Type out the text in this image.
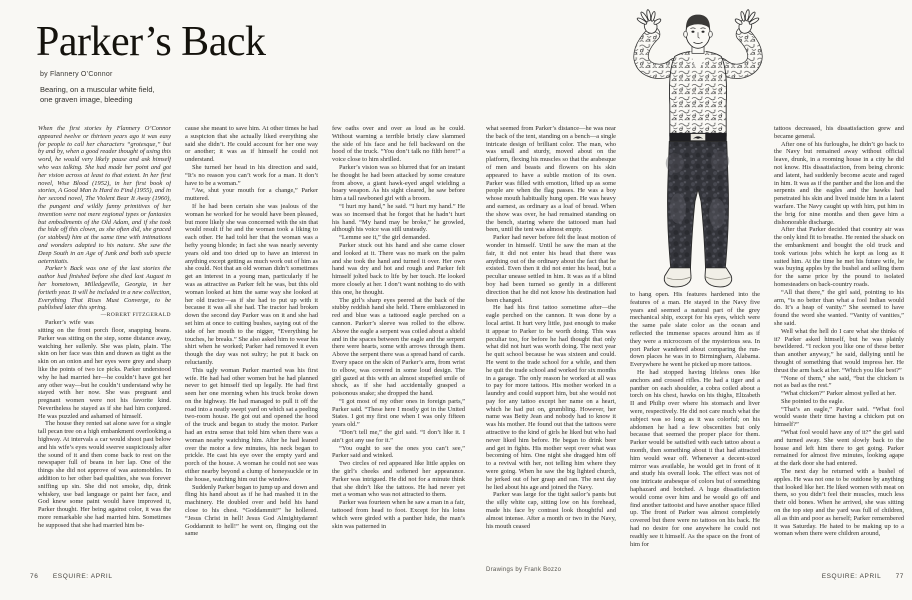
Parker’s Back
by Flannery O’Connor
Bearing, on a muscular white field,
one graven image, bleeding

When the first stories by Flannery O’Connor appeared twelve or thirteen years ago it was easy for people to call her characters “grotesque,” but by and by, when a good reader thought of using this word, he would very likely pause and ask himself who was talking. She had made her point and got her vision across at least to that extent. In her first novel, Wise Blood (1952), in her first book of stories, A Good Man Is Hard to Find (1955), and in her second novel, The Violent Bear It Away (1960), the pungent and wildly funny primitives of her invention were not mere regional types or fantasies but embodiments of the Old Adam, and if she took the hide off this clown, as she often did, she graced (or stabbed) him at the same time with intimations and wonders adapted to his nature. She saw the Deep South in an Age of Junk and both sub specie aeternitatis.

Parker’s Back was one of the last stories the author had finished before she died last August in her hometown, Milledgeville, Georgia, in her fortieth year. It will be included in a new collection, Everything That Rises Must Converge, to be published later this spring.
—ROBERT FITZGERALD

Parker’s wife was sitting on the front porch floor, snapping beans. Parker was sitting on the step, some distance away, watching her sullenly. She was plain, plain. The skin on her face was thin and drawn as tight as the skin on an onion and her eyes were grey and sharp like the points of two ice picks. Parker understood why he had married her—he couldn’t have got her any other way—but he couldn’t understand why he stayed with her now. She was pregnant and pregnant women were not his favorite kind. Nevertheless he stayed as if she had him conjured. He was puzzled and ashamed of himself.

The house they rented sat alone save for a single tall pecan tree on a high embankment overlooking a highway. At intervals a car would shoot past below and his wife’s eyes would swerve suspiciously after the sound of it and then come back to rest on the newspaper full of beans in her lap. One of the things she did not approve of was automobiles. In addition to her other bad qualities, she was forever sniffing up sin. She did not smoke, dip, drink whiskey, use bad language or paint her face, and God knew some paint would have improved it, Parker thought. Her being against color, it was the more remarkable she had married him. Sometimes he supposed that she had married him be-

cause she meant to save him. At other times he had a suspicion that she actually liked everything she said she didn’t. He could account for her one way or another; it was as if himself he could not understand.

She turned her head in his direction and said, “It’s no reason you can’t work for a man. It don’t have to be a woman.”

“Aw, shut your mouth for a change,” Parker muttered.

If he had been certain she was jealous of the woman he worked for he would have been pleased, but more likely she was concerned with the sin that would result if he and the woman took a liking to each other. He had told her that the woman was a hefty young blonde; in fact she was nearly seventy years old and too dried up to have an interest in anything except getting as much work out of him as she could. Not that an old woman didn’t sometimes get an interest in a young man, particularly if he was as attractive as Parker felt he was, but this old woman looked at him the same way she looked at her old tractor—as if she had to put up with it because it was all she had. The tractor had broken down the second day Parker was on it and she had set him at once to cutting bushes, saying out of the side of her mouth to the nigger, “Everything he touches, he breaks.” She also asked him to wear his shirt when he worked; Parker had removed it even though the day was not sultry; he put it back on reluctantly.

This ugly woman Parker married was his first wife. He had had other women but he had planned never to get himself tied up legally. He had first seen her one morning when his truck broke down on the highway. He had managed to pull it off the road into a neatly swept yard on which sat a peeling two-room house. He got out and opened the hood of the truck and began to study the motor. Parker had an extra sense that told him when there was a woman nearby watching him. After he had leaned over the motor a few minutes, his neck began to prickle. He cast his eye over the empty yard and porch of the house. A woman he could not see was either nearby beyond a clump of honeysuckle or in the house, watching him out the window.

Suddenly Parker began to jump up and down and fling his hand about as if he had mashed it in the machinery. He doubled over and held his hand close to his chest. “Goddammit!” he hollered. “Jesus Christ in hell! Jesus God Almightydamn! Goddamnit to hell!” he went on, flinging out the same

few oaths over and over as loud as he could. Without warning a terrible bristly claw slammed the side of his face and he fell backward on the hood of the truck. “You don’t talk no filth here!” a voice close to him shrilled.

Parker’s vision was so blurred that for an instant he thought he had been attacked by some creature from above, a giant hawk-eyed angel wielding a hoary weapon. As his sight cleared, he saw before him a tall rawboned girl with a broom.

“I hurt my hand,” he said. “I hurt my hand.” He was so incensed that he forgot that he hadn’t hurt his hand. “My hand may be broke,” he growled, although his voice was still unsteady.

“Lemme see it,” the girl demanded.

Parker stuck out his hand and she came closer and looked at it. There was no mark on the palm and she took the hand and turned it over. Her own hand was dry and hot and rough and Parker felt himself jolted back to life by her touch. He looked more closely at her. I don’t want nothing to do with this one, he thought.

The girl’s sharp eyes peered at the back of the stubby reddish hand she held. There emblazoned in red and blue was a tattooed eagle perched on a cannon. Parker’s sleeve was rolled to the elbow. Above the eagle a serpent was coiled about a shield and in the spaces between the eagle and the serpent there were hearts, some with arrows through them. Above the serpent there was a spread hand of cards. Every space on the skin of Parker’s arm, from wrist to elbow, was covered in some loud design. The girl gazed at this with an almost stupefied smile of shock, as if she had accidentally grasped a poisonous snake; she dropped the hand.

“I got most of my other ones in foreign parts,” Parker said. “These here I mostly got in the United States. I got my first one when I was only fifteen years old.”

“Don’t tell me,” the girl said. “I don’t like it. I ain’t got any use for it.”

“You ought to see the ones you can’t see,” Parker said and winked.

Two circles of red appeared like little apples on the girl’s cheeks and softened her appearance. Parker was intrigued. He did not for a minute think that she didn’t like the tattoos. He had never yet met a woman who was not attracted to them.

Parker was fourteen when he saw a man in a fair, tattooed from head to foot. Except for his loins which were girded with a panther hide, the man’s skin was patterned in

what seemed from Parker’s distance—he was near the back of the tent, standing on a bench—a single intricate design of brilliant color. The man, who was small and sturdy, moved about on the platform, flexing his muscles so that the arabesque of men and beasts and flowers on his skin appeared to have a subtle motion of its own. Parker was filled with emotion, lifted up as some people are when the flag passes. He was a boy whose mouth habitually hung open. He was heavy and earnest, as ordinary as a loaf of bread. When the show was over, he had remained standing on the bench, staring where the tattooed man had been, until the tent was almost empty.

Parker had never before felt the least motion of wonder in himself. Until he saw the man at the fair, it did not enter his head that there was anything out of the ordinary about the fact that he existed. Even then it did not enter his head, but a peculiar unease settled in him. It was as if a blind boy had been turned so gently in a different direction that he did not know his destination had been changed.

He had his first tattoo sometime after—the eagle perched on the cannon. It was done by a local artist. It hurt very little, just enough to make it appear to Parker to be worth doing. This was peculiar too, for before he had thought that only what did not hurt was worth doing. The next year he quit school because he was sixteen and could. He went to the trade school for a while, and then he quit the trade school and worked for six months in a garage. The only reason he worked at all was to pay for more tattoos. His mother worked in a laundry and could support him, but she would not pay for any tattoo except her name on a heart, which he had put on, grumbling. However, her name was Betty Jean and nobody had to know it was his mother. He found out that the tattoos were attractive to the kind of girls he liked but who had never liked him before. He began to drink beer and get in fights. His mother wept over what was becoming of him. One night she dragged him off to a revival with her, not telling him where they were going. When he saw the big lighted church, he jerked out of her grasp and ran. The next day he lied about his age and joined the Navy.

Parker was large for the tight sailor’s pants but the silly white cap, sitting low on his forehead, made his face by contrast look thoughtful and almost intense. After a month or two in the Navy, his mouth ceased

to hang open. His features hardened into the features of a man. He stayed in the Navy five years and seemed a natural part of the grey mechanical ship, except for his eyes, which were the same pale slate color as the ocean and reflected the immense spaces around him as if they were a microcosm of the mysterious sea. In port Parker wandered about comparing the run-down places he was in to Birmingham, Alabama. Everywhere he went he picked up more tattoos.

He had stopped having lifeless ones like anchors and crossed rifles. He had a tiger and a panther on each shoulder, a cobra coiled about a torch on his chest, hawks on his thighs, Elizabeth II and Philip over where his stomach and liver were, respectively. He did not care much what the subject was so long as it was colorful; on his abdomen he had a few obscenities but only because that seemed the proper place for them. Parker would be satisfied with each tattoo about a month, then something about it that had attracted him would wear off. Whenever a decent-sized mirror was available, he would get in front of it and study his overall look. The effect was not of one intricate arabesque of colors but of something haphazard and botched. A huge dissatisfaction would come over him and he would go off and find another tattooist and have another space filled up. The front of Parker was almost completely covered but there were no tattoos on his back. He had no desire for one anywhere he could not readily see it himself. As the space on the front of him for

tattoos decreased, his dissatisfaction grew and became general.

After one of his furloughs, he didn’t go back to the Navy but remained away without official leave, drunk, in a rooming house in a city he did not know. His dissatisfaction, from being chronic and latent, had suddenly become acute and raged in him. It was as if the panther and the lion and the serpents and the eagles and the hawks had penetrated his skin and lived inside him in a latent warfare. The Navy caught up with him, put him in the brig for nine months and then gave him a dishonorable discharge.

After that Parker decided that country air was the only kind fit to breathe. He rented the shack on the embankment and bought the old truck and took various jobs which he kept as long as it suited him. At the time he met his future wife, he was buying apples by the bushel and selling them for the same price by the pound to isolated homesteaders on back-country roads.

“All that there,” the girl said, pointing to his arm, “is no better than what a fool Indian would do. It’s a heap of vanity.” She seemed to have found the word she wanted. “Vanity of vanities,” she said.

Well what the hell do I care what she thinks of it? Parker asked himself, but he was plainly bewildered. “I reckon you like one of these better than another anyway,” he said, dallying until he thought of something that would impress her. He thrust the arm back at her. “Which you like best?”

“None of them,” she said, “but the chicken is not as bad as the rest.”

“What chicken?” Parker almost yelled at her.

She pointed to the eagle.

“That’s an eagle,” Parker said. “What fool would waste their time having a chicken put on himself?”

“What fool would have any of it?” the girl said and turned away. She went slowly back to the house and left him there to get going. Parker remained for almost five minutes, looking agape at the dark door she had entered.

The next day he returned with a bushel of apples. He was not one to be outdone by anything that looked like her. He liked women with meat on them, so you didn’t feel their muscles, much less their old bones. When he arrived, she was sitting on the top step and the yard was full of children, all as thin and poor as herself; Parker remembered it was Saturday. He hated to be making up to a woman when there were children around,

76 ESQUIRE: APRIL
Drawings by Frank Bozzo
ESQUIRE: APRIL 77
